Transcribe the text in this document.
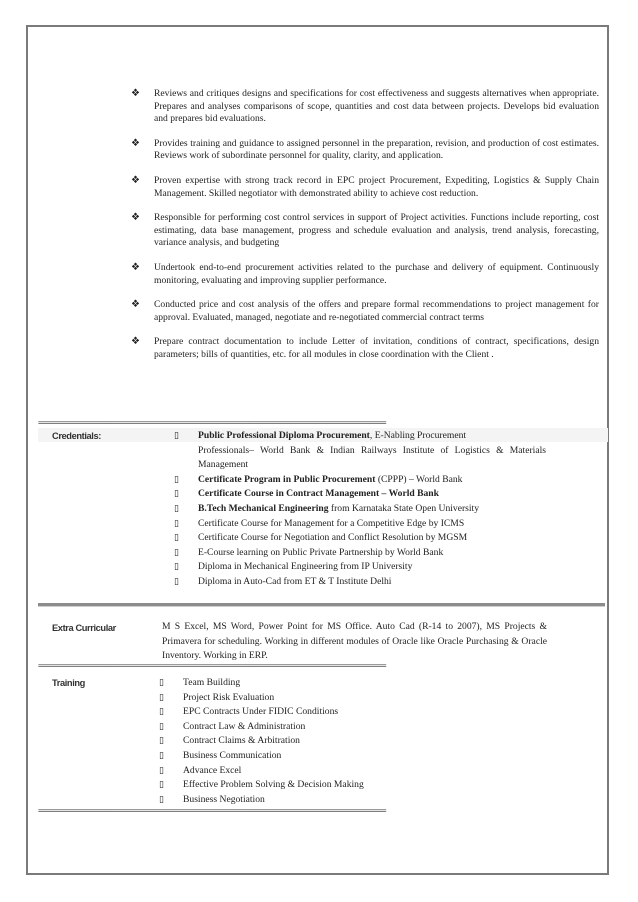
❖ Reviews and critiques designs and specifications for cost effectiveness and suggests alternatives when appropriate. Prepares and analyses comparisons of scope, quantities and cost data between projects. Develops bid evaluation and prepares bid evaluations.
❖ Provides training and guidance to assigned personnel in the preparation, revision, and production of cost estimates. Reviews work of subordinate personnel for quality, clarity, and application.
❖ Proven expertise with strong track record in EPC project Procurement, Expediting, Logistics & Supply Chain Management. Skilled negotiator with demonstrated ability to achieve cost reduction.
❖ Responsible for performing cost control services in support of Project activities. Functions include reporting, cost estimating, data base management, progress and schedule evaluation and analysis, trend analysis, forecasting, variance analysis, and budgeting
❖ Undertook end-to-end procurement activities related to the purchase and delivery of equipment. Continuously monitoring, evaluating and improving supplier performance.
❖ Conducted price and cost analysis of the offers and prepare formal recommendations to project management for approval. Evaluated, managed, negotiate and re-negotiated commercial contract terms
❖ Prepare contract documentation to include Letter of invitation, conditions of contract, specifications, design parameters; bills of quantities, etc. for all modules in close coordination with the Client .
=======================================================================================
Credentials:	▯ Public Professional Diploma Procurement, E-Nabling Procurement
Professionals– World Bank & Indian Railways Institute of Logistics & Materials Management
▯ Certificate Program in Public Procurement (CPPP) – World Bank
▯ Certificate Course in Contract Management – World Bank
▯ B.Tech Mechanical Engineering from Karnataka State Open University
▯ Certificate Course for Management for a Competitive Edge by ICMS
▯ Certificate Course for Negotiation and Conflict Resolution by MGSM
▯ E-Course learning on Public Private Partnership by World Bank
▯ Diploma in Mechanical Engineering from IP University
▯ Diploma in Auto-Cad from ET & T Institute Delhi
Extra Curricular	M S Excel, MS Word, Power Point for MS Office. Auto Cad (R-14 to 2007), MS Projects & Primavera for scheduling. Working in different modules of Oracle like Oracle Purchasing & Oracle Inventory. Working in ERP.
=======================================================================================
Training	▯ Team Building
▯ Project Risk Evaluation
▯ EPC Contracts Under FIDIC Conditions
▯ Contract Law & Administration
▯ Contract Claims & Arbitration
▯ Business Communication
▯ Advance Excel
▯ Effective Problem Solving & Decision Making
▯ Business Negotiation
=======================================================================================
